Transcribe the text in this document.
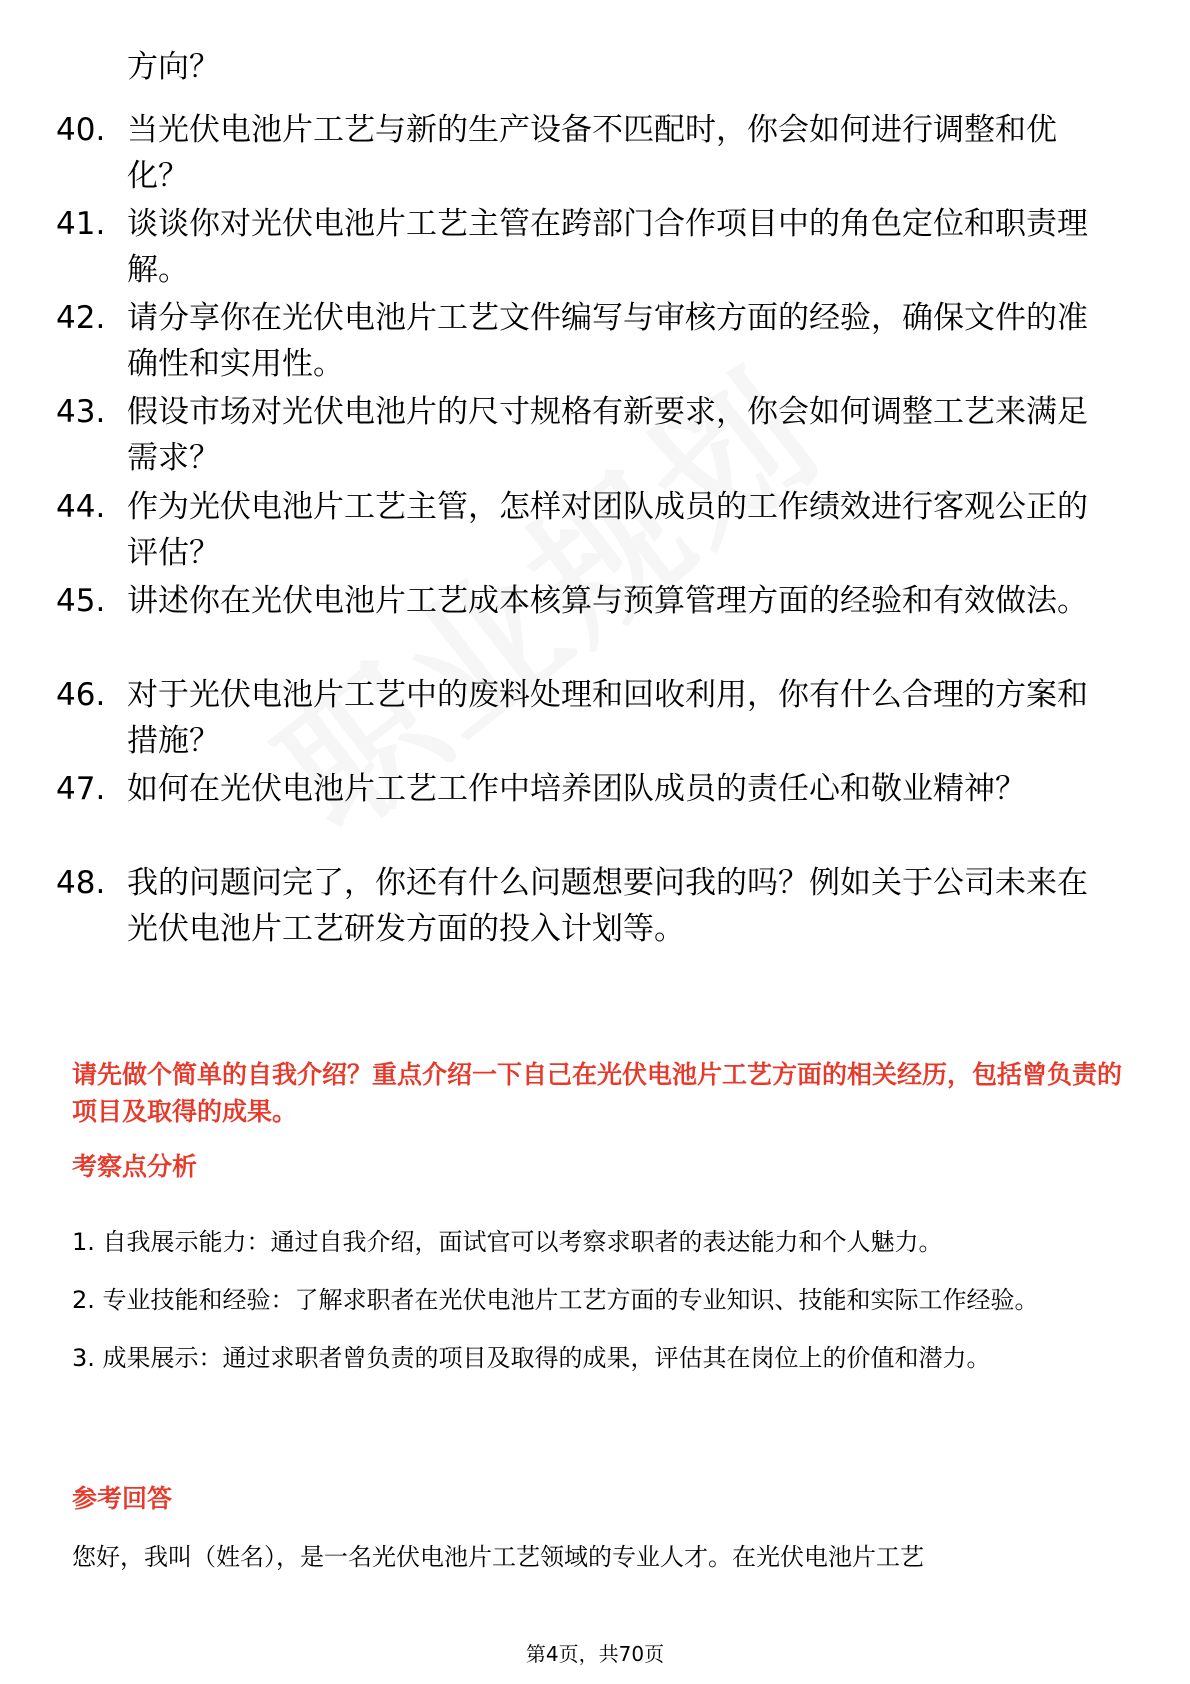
方向？
40. 当光伏电池片工艺与新的生产设备不匹配时，你会如何进行调整和优化？
41. 谈谈你对光伏电池片工艺主管在跨部门合作项目中的角色定位和职责理解。
42. 请分享你在光伏电池片工艺文件编写与审核方面的经验，确保文件的准确性和实用性。
43. 假设市场对光伏电池片的尺寸规格有新要求，你会如何调整工艺来满足需求？
44. 作为光伏电池片工艺主管，怎样对团队成员的工作绩效进行客观公正的评估？
45. 讲述你在光伏电池片工艺成本核算与预算管理方面的经验和有效做法。
46. 对于光伏电池片工艺中的废料处理和回收利用，你有什么合理的方案和措施？
47. 如何在光伏电池片工艺工作中培养团队成员的责任心和敬业精神？
48. 我的问题问完了，你还有什么问题想要问我的吗？例如关于公司未来在光伏电池片工艺研发方面的投入计划等。
请先做个简单的自我介绍？重点介绍一下自己在光伏电池片工艺方面的相关经历，包括曾负责的项目及取得的成果。
考察点分析

1. 自我展示能力：通过自我介绍，面试官可以考察求职者的表达能力和个人魅力。

2. 专业技能和经验：了解求职者在光伏电池片工艺方面的专业知识、技能和实际工作经验。

3. 成果展示：通过求职者曾负责的项目及取得的成果，评估其在岗位上的价值和潜力。

参考回答
您好，我叫（姓名），是一名光伏电池片工艺领域的专业人才。在光伏电池片工艺
第4页，共70页
